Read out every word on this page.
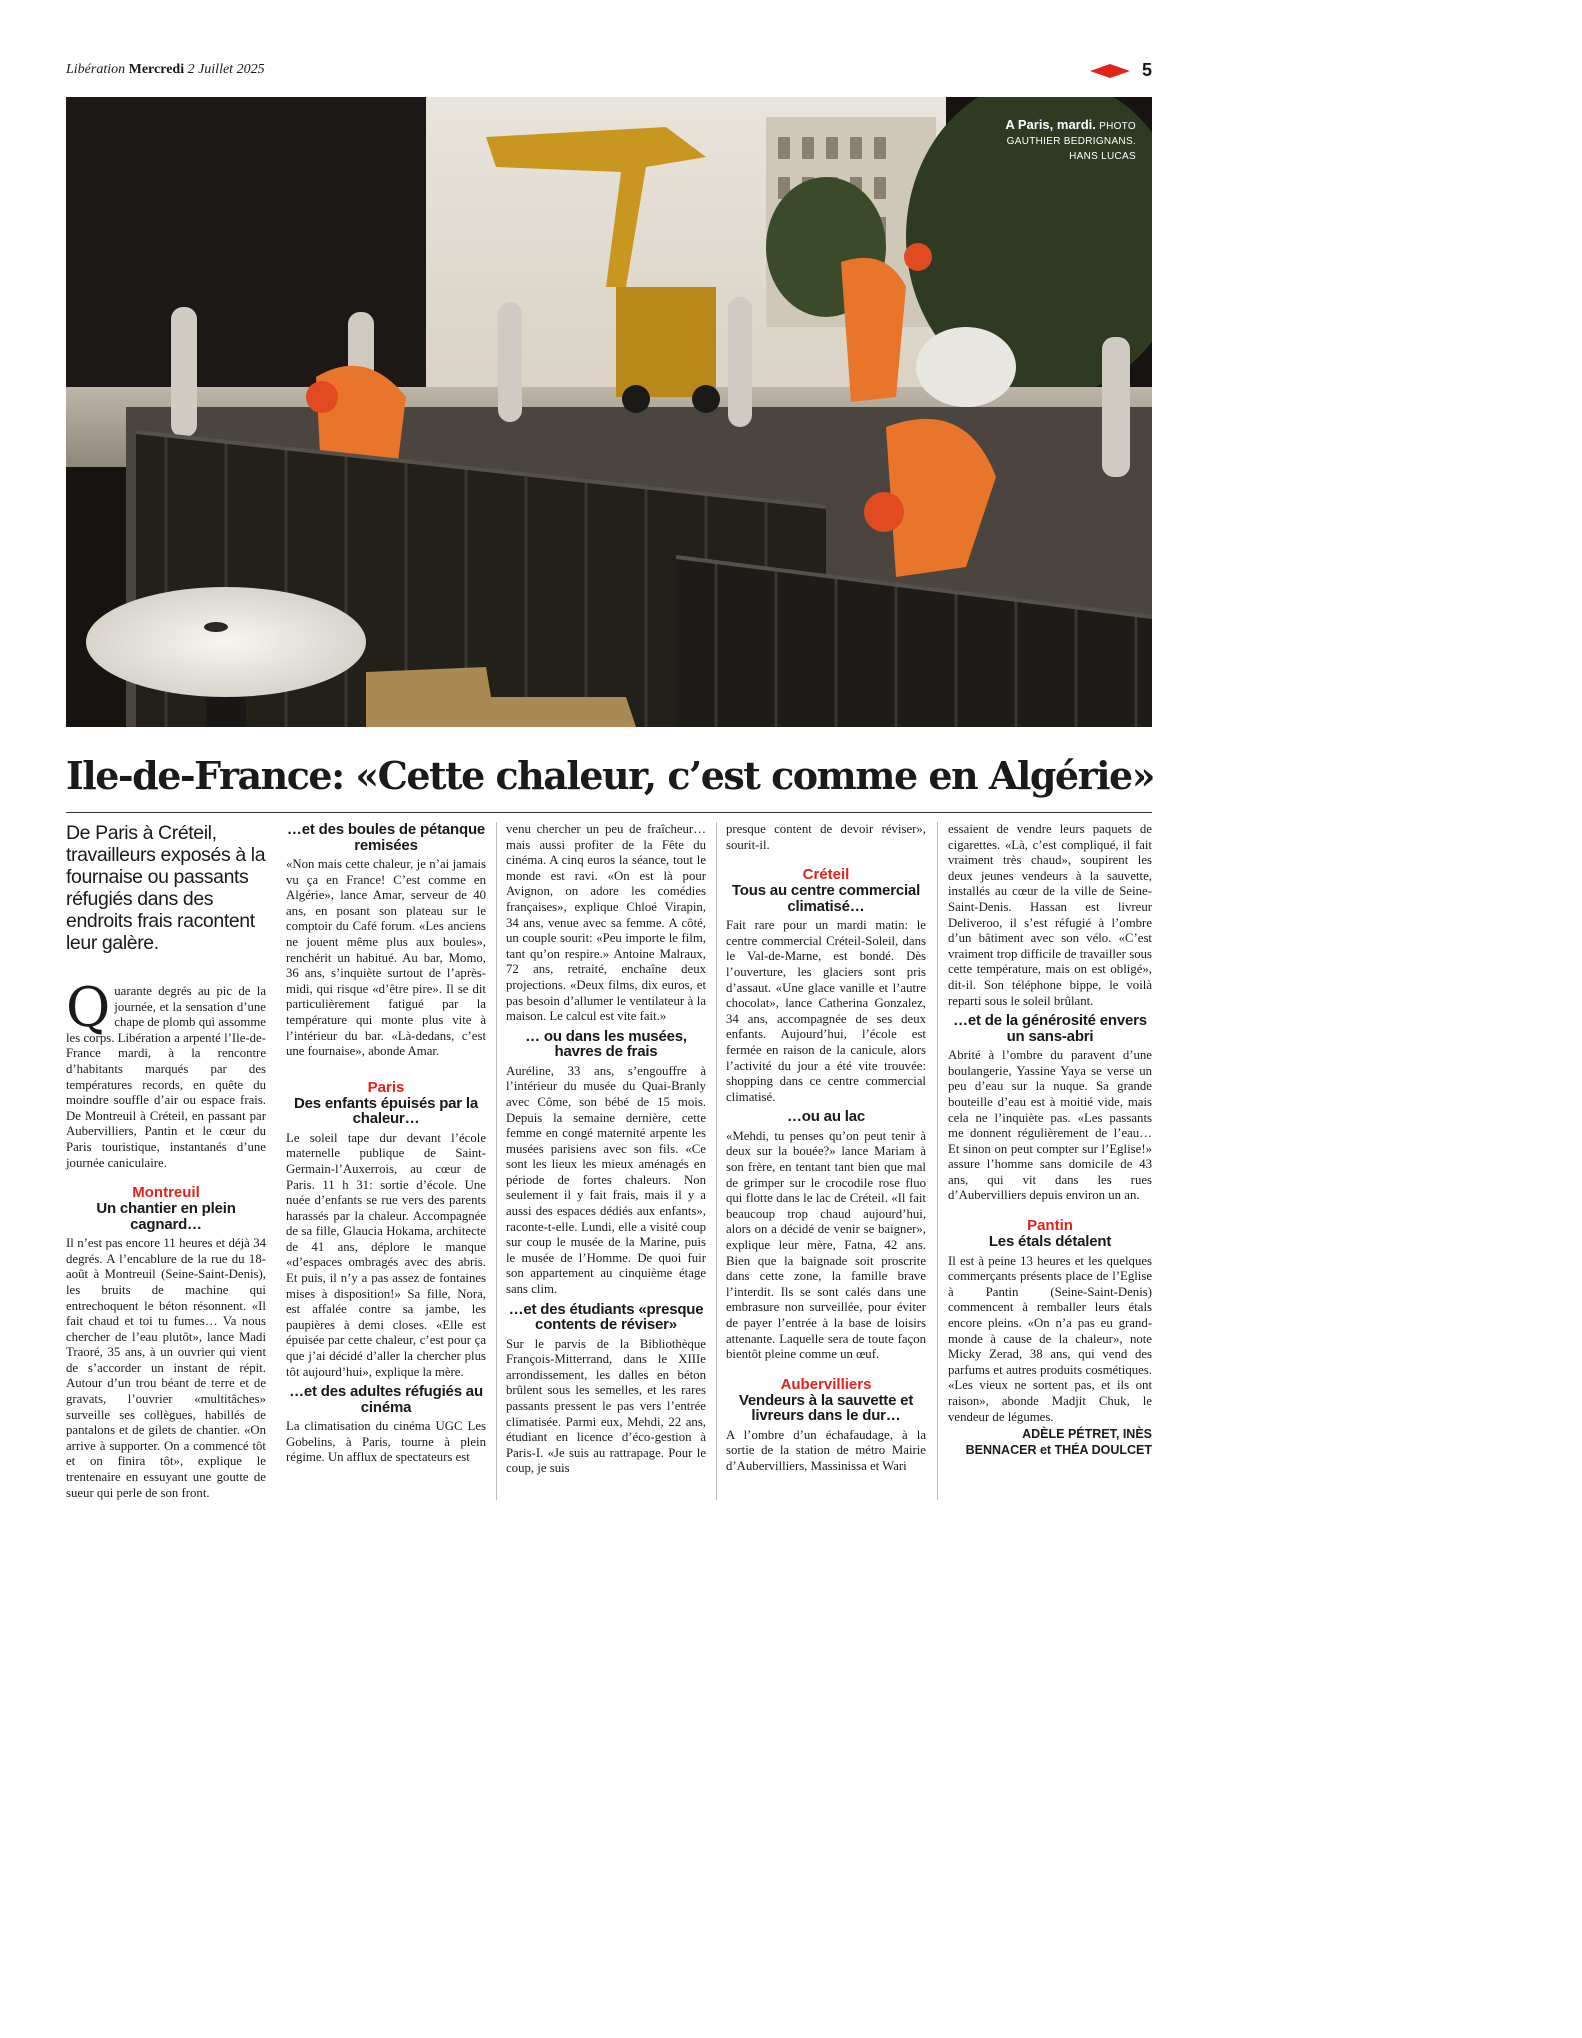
Libération Mercredi 2 Juillet 2025	5
A Paris, mardi. PHOTO GAUTHIER BEDRIGNANS. HANS LUCAS
Ile-de-France: «Cette chaleur, c’est comme en Algérie»

De Paris à Créteil, travailleurs exposés à la fournaise ou passants réfugiés dans des endroits frais racontent leur galère.

Quarante degrés au pic de la journée, et la sensation d’une chape de plomb qui assomme les corps. Libération a arpenté l’Ile-de-France mardi, à la rencontre d’habitants marqués par des températures records, en quête du moindre souffle d’air ou espace frais. De Montreuil à Créteil, en passant par Aubervilliers, Pantin et le cœur du Paris touristique, instantanés d’une journée caniculaire.

Montreuil

Un chantier en plein cagnard…

Il n’est pas encore 11 heures et déjà 34 degrés. A l’encablure de la rue du 18-août à Montreuil (Seine-Saint-Denis), les bruits de machine qui entrechoquent le béton résonnent. «Il fait chaud et toi tu fumes… Va nous chercher de l’eau plutôt», lance Madi Traoré, 35 ans, à un ouvrier qui vient de s’accorder un instant de répit. Autour d’un trou béant de terre et de gravats, l’ouvrier «multitâches» surveille ses collègues, habillés de pantalons et de gilets de chantier. «On arrive à supporter. On a commencé tôt et on finira tôt», explique le trentenaire en essuyant une goutte de sueur qui perle de son front.

…et des boules de pétanque remisées

«Non mais cette chaleur, je n’ai jamais vu ça en France! C’est comme en Algérie», lance Amar, serveur de 40 ans, en posant son plateau sur le comptoir du Café forum. «Les anciens ne jouent même plus aux boules», renchérit un habitué. Au bar, Momo, 36 ans, s’inquiète surtout de l’après-midi, qui risque «d’être pire». Il se dit particulièrement fatigué par la température qui monte plus vite à l’intérieur du bar. «Là-dedans, c’est une fournaise», abonde Amar.

Paris

Des enfants épuisés par la chaleur…

Le soleil tape dur devant l’école maternelle publique de Saint-Germain-l’Auxerrois, au cœur de Paris. 11 h 31: sortie d’école. Une nuée d’enfants se rue vers des parents harassés par la chaleur. Accompagnée de sa fille, Glaucia Hokama, architecte de 41 ans, déplore le manque «d’espaces ombragés avec des abris. Et puis, il n’y a pas assez de fontaines mises à disposition!» Sa fille, Nora, est affalée contre sa jambe, les paupières à demi closes. «Elle est épuisée par cette chaleur, c’est pour ça que j’ai décidé d’aller la chercher plus tôt aujourd’hui», explique la mère.

…et des adultes réfugiés au cinéma

La climatisation du cinéma UGC Les Gobelins, à Paris, tourne à plein régime. Un afflux de spectateurs est

venu chercher un peu de fraîcheur… mais aussi profiter de la Fête du cinéma. A cinq euros la séance, tout le monde est ravi. «On est là pour Avignon, on adore les comédies françaises», explique Chloé Virapin, 34 ans, venue avec sa femme. A côté, un couple sourit: «Peu importe le film, tant qu’on respire.» Antoine Malraux, 72 ans, retraité, enchaîne deux projections. «Deux films, dix euros, et pas besoin d’allumer le ventilateur à la maison. Le calcul est vite fait.»

… ou dans les musées, havres de frais

Auréline, 33 ans, s’engouffre à l’intérieur du musée du Quai-Branly avec Côme, son bébé de 15 mois. Depuis la semaine dernière, cette femme en congé maternité arpente les musées parisiens avec son fils. «Ce sont les lieux les mieux aménagés en période de fortes chaleurs. Non seulement il y fait frais, mais il y a aussi des espaces dédiés aux enfants», raconte-t-elle. Lundi, elle a visité coup sur coup le musée de la Marine, puis le musée de l’Homme. De quoi fuir son appartement au cinquième étage sans clim.

…et des étudiants «presque contents de réviser»

Sur le parvis de la Bibliothèque François-Mitterrand, dans le XIIIe arrondissement, les dalles en béton brûlent sous les semelles, et les rares passants pressent le pas vers l’entrée climatisée. Parmi eux, Mehdi, 22 ans, étudiant en licence d’éco-gestion à Paris-I. «Je suis au rattrapage. Pour le coup, je suis

presque content de devoir réviser», sourit-il.

Créteil

Tous au centre commercial climatisé…

Fait rare pour un mardi matin: le centre commercial Créteil-Soleil, dans le Val-de-Marne, est bondé. Dès l’ouverture, les glaciers sont pris d’assaut. «Une glace vanille et l’autre chocolat», lance Catherina Gonzalez, 34 ans, accompagnée de ses deux enfants. Aujourd’hui, l’école est fermée en raison de la canicule, alors l’activité du jour a été vite trouvée: shopping dans ce centre commercial climatisé.

…ou au lac

«Mehdi, tu penses qu’on peut tenir à deux sur la bouée?» lance Mariam à son frère, en tentant tant bien que mal de grimper sur le crocodile rose fluo qui flotte dans le lac de Créteil. «Il fait beaucoup trop chaud aujourd’hui, alors on a décidé de venir se baigner», explique leur mère, Fatna, 42 ans. Bien que la baignade soit proscrite dans cette zone, la famille brave l’interdit. Ils se sont calés dans une embrasure non surveillée, pour éviter de payer l’entrée à la base de loisirs attenante. Laquelle sera de toute façon bientôt pleine comme un œuf.

Aubervilliers

Vendeurs à la sauvette et livreurs dans le dur…

A l’ombre d’un échafaudage, à la sortie de la station de métro Mairie d’Aubervilliers, Massinissa et Wari

essaient de vendre leurs paquets de cigarettes. «Là, c’est compliqué, il fait vraiment très chaud», soupirent les deux jeunes vendeurs à la sauvette, installés au cœur de la ville de Seine-Saint-Denis. Hassan est livreur Deliveroo, il s’est réfugié à l’ombre d’un bâtiment avec son vélo. «C’est vraiment trop difficile de travailler sous cette température, mais on est obligé», dit-il. Son téléphone bippe, le voilà reparti sous le soleil brûlant.

…et de la générosité envers un sans-abri

Abrité à l’ombre du paravent d’une boulangerie, Yassine Yaya se verse un peu d’eau sur la nuque. Sa grande bouteille d’eau est à moitié vide, mais cela ne l’inquiète pas. «Les passants me donnent régulièrement de l’eau… Et sinon on peut compter sur l’Eglise!» assure l’homme sans domicile de 43 ans, qui vit dans les rues d’Aubervilliers depuis environ un an.

Pantin

Les étals détalent

Il est à peine 13 heures et les quelques commerçants présents place de l’Eglise à Pantin (Seine-Saint-Denis) commencent à remballer leurs étals encore pleins. «On n’a pas eu grand-monde à cause de la chaleur», note Micky Zerad, 38 ans, qui vend des parfums et autres produits cosmétiques. «Les vieux ne sortent pas, et ils ont raison», abonde Madjit Chuk, le vendeur de légumes.

ADÈLE PÉTRET, INÈS BENNACER et THÉA DOULCET
